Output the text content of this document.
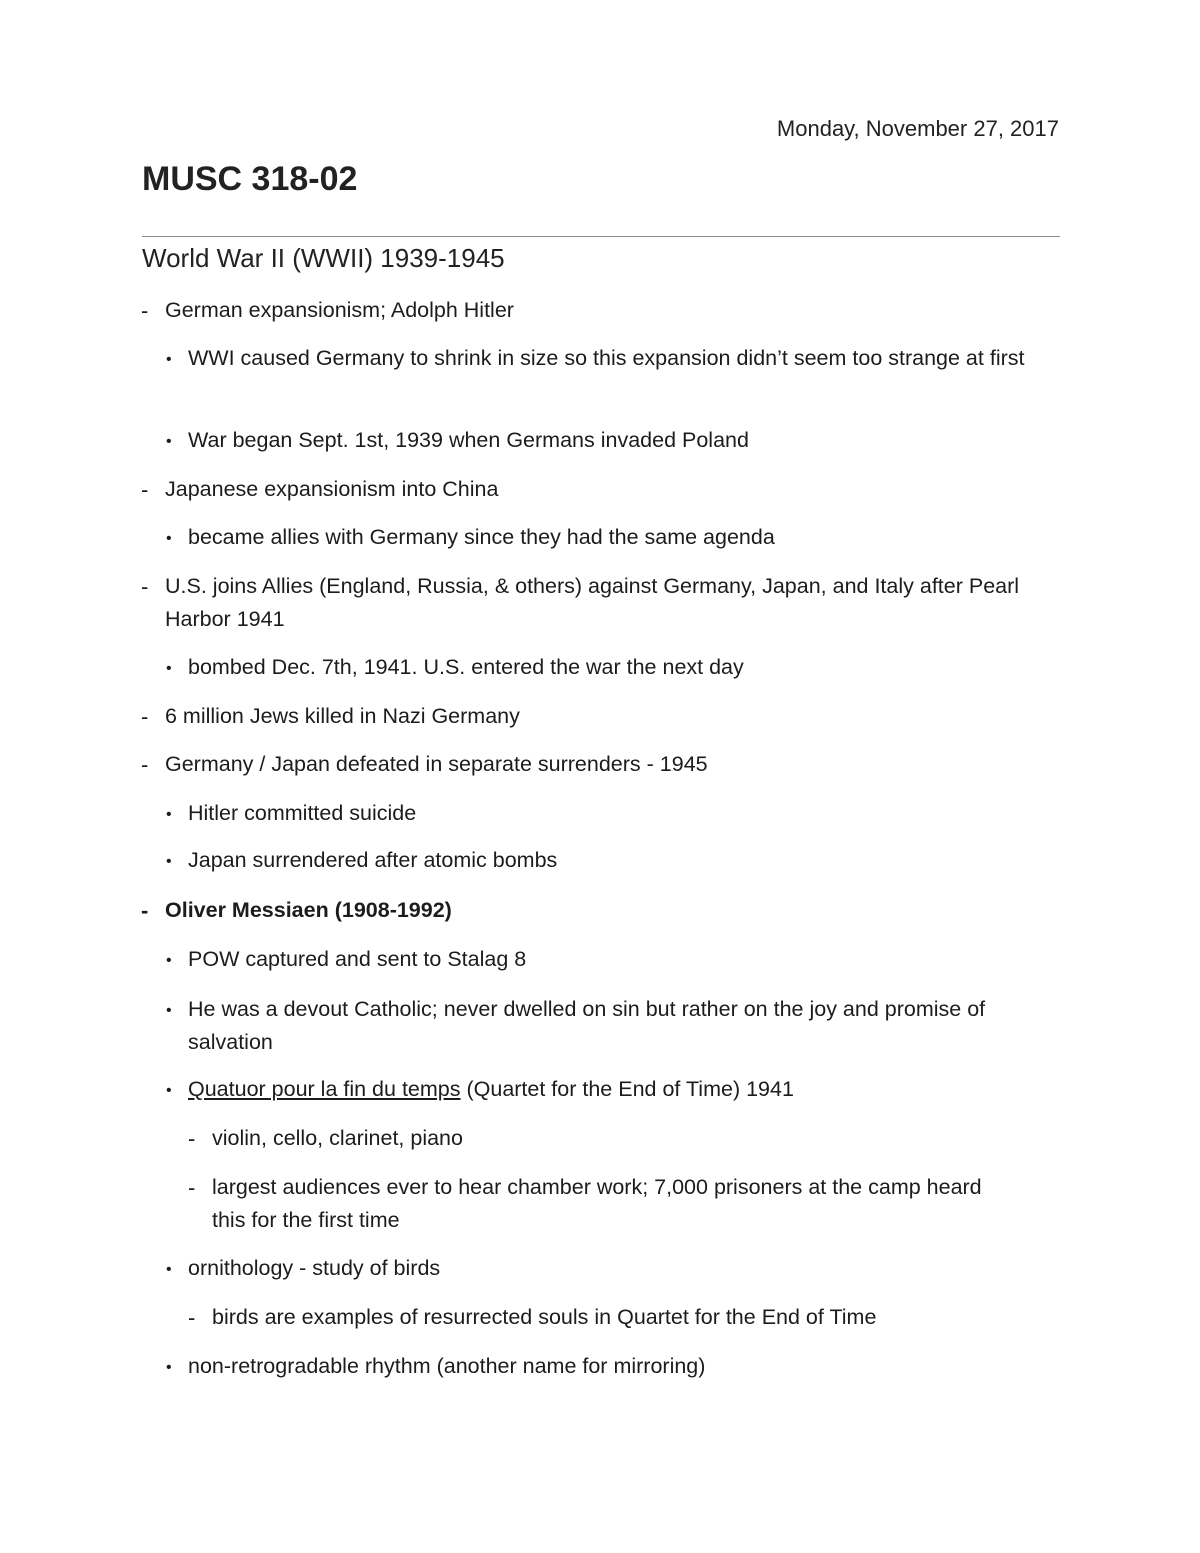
Monday, November 27, 2017
MUSC 318-02
World War II (WWII) 1939-1945
- German expansionism; Adolph Hitler
• WWI caused Germany to shrink in size so this expansion didn’t seem too strange at first
• War began Sept. 1st, 1939 when Germans invaded Poland
- Japanese expansionism into China
• became allies with Germany since they had the same agenda
- U.S. joins Allies (England, Russia, & others) against Germany, Japan, and Italy after Pearl Harbor 1941
• bombed Dec. 7th, 1941. U.S. entered the war the next day
- 6 million Jews killed in Nazi Germany
- Germany / Japan defeated in separate surrenders - 1945
• Hitler committed suicide
• Japan surrendered after atomic bombs
- Oliver Messiaen (1908-1992)
• POW captured and sent to Stalag 8
• He was a devout Catholic; never dwelled on sin but rather on the joy and promise of salvation
• Quatuor pour la fin du temps (Quartet for the End of Time) 1941
- violin, cello, clarinet, piano
- largest audiences ever to hear chamber work; 7,000 prisoners at the camp heard this for the first time
• ornithology - study of birds
- birds are examples of resurrected souls in Quartet for the End of Time
• non-retrogradable rhythm (another name for mirroring)
